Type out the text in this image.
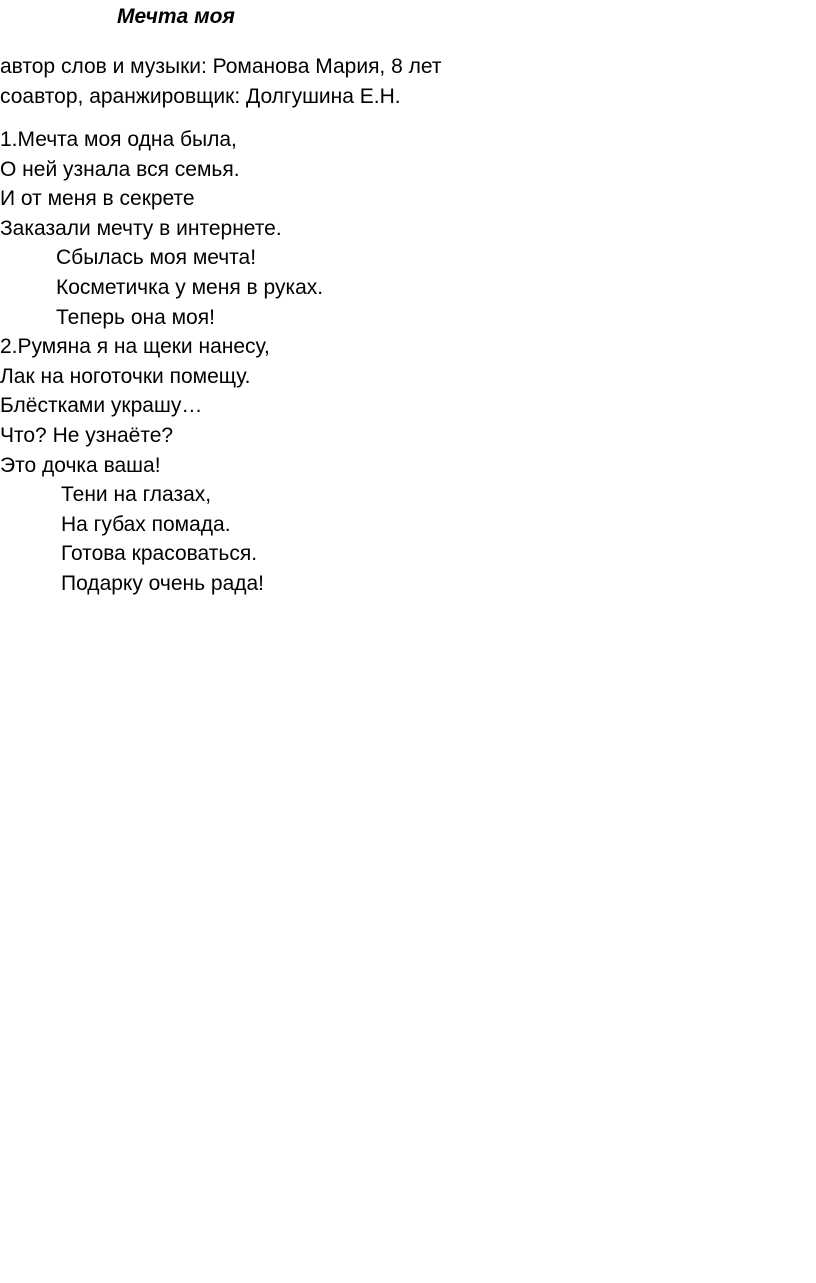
Мечта моя
автор слов и музыки: Романова Мария, 8 лет
соавтор, аранжировщик: Долгушина Е.Н.
1.Мечта моя одна была,
О ней узнала вся семья.
И от меня в секрете
Заказали мечту в интернете.
Сбылась моя мечта!
Косметичка у меня в руках.
Теперь она моя!
2.Румяна я на щеки нанесу,
Лак на ноготочки помещу.
Блёстками украшу…
Что? Не узнаёте?
Это дочка ваша!
Тени на глазах,
На губах помада.
Готова красоваться.
Подарку очень рада!
